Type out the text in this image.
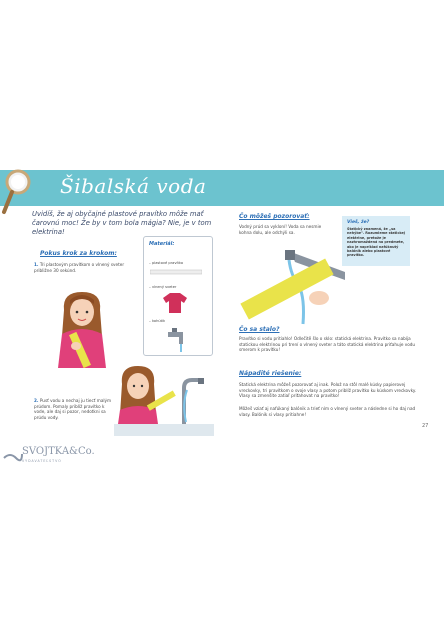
Šibalská voda
Uvidíš, že aj obyčajné plastové pravítko môže mať čarovnú moc! Že by v tom bola mágia? Nie, je v tom elektrina!
Pokus krok za krokom:
1. Tri plastovým pravítkom o vlnený sveter približne 30 sekúnd.
Materiál:
– plastové pravítko
– vlnený sveter
– kohútik
2. Pusť vodu a nechaj ju tiecť malým prúdom. Pomaly priblíž pravítko k vode, ale daj si pozor, nedotkni sa prúdu vody.
Čo môžeš pozorovať:
Vodný prúd sa vykloní! Voda sa nesmie kohna dolu, ale odchýli sa.
Vieš, že?
Statický znamená, že „sa nehýbe". Rozumieme statickej elektrine, pretože je nazhromaždená na predmete, ako je napríklad nafúknutý balónik alebo plastové pravítko.
Čo sa stalo?
Pravítko si vodu pritiahlo! Odlečitě šlo o sklo: statická elektrina. Pravítko sa nabíja statickou elektrinou pri trení o vlnený sveter a táto statická elektrina priťahuje vodu smerom k pravítku!
Nápadité riešenie:
Statická elektrina môžeš pozorovať aj inak. Polož na stôl malé kúsky papierovej vreckovky, tri pravítkom o svoje vlasy a potom priblíž pravítko ku kúskom vreckovky. Vlasy sa zmenšite zatiaľ priťahovat na pravítko!
Môžeš vziať aj nafúkaný balónik a trieť ním o vlnený sveter a následne si ho daj nad vlasy. Balónik si vlasy pritiahne!
27
SVOJTKA&Co.
VYDAVATEĽSTVO
